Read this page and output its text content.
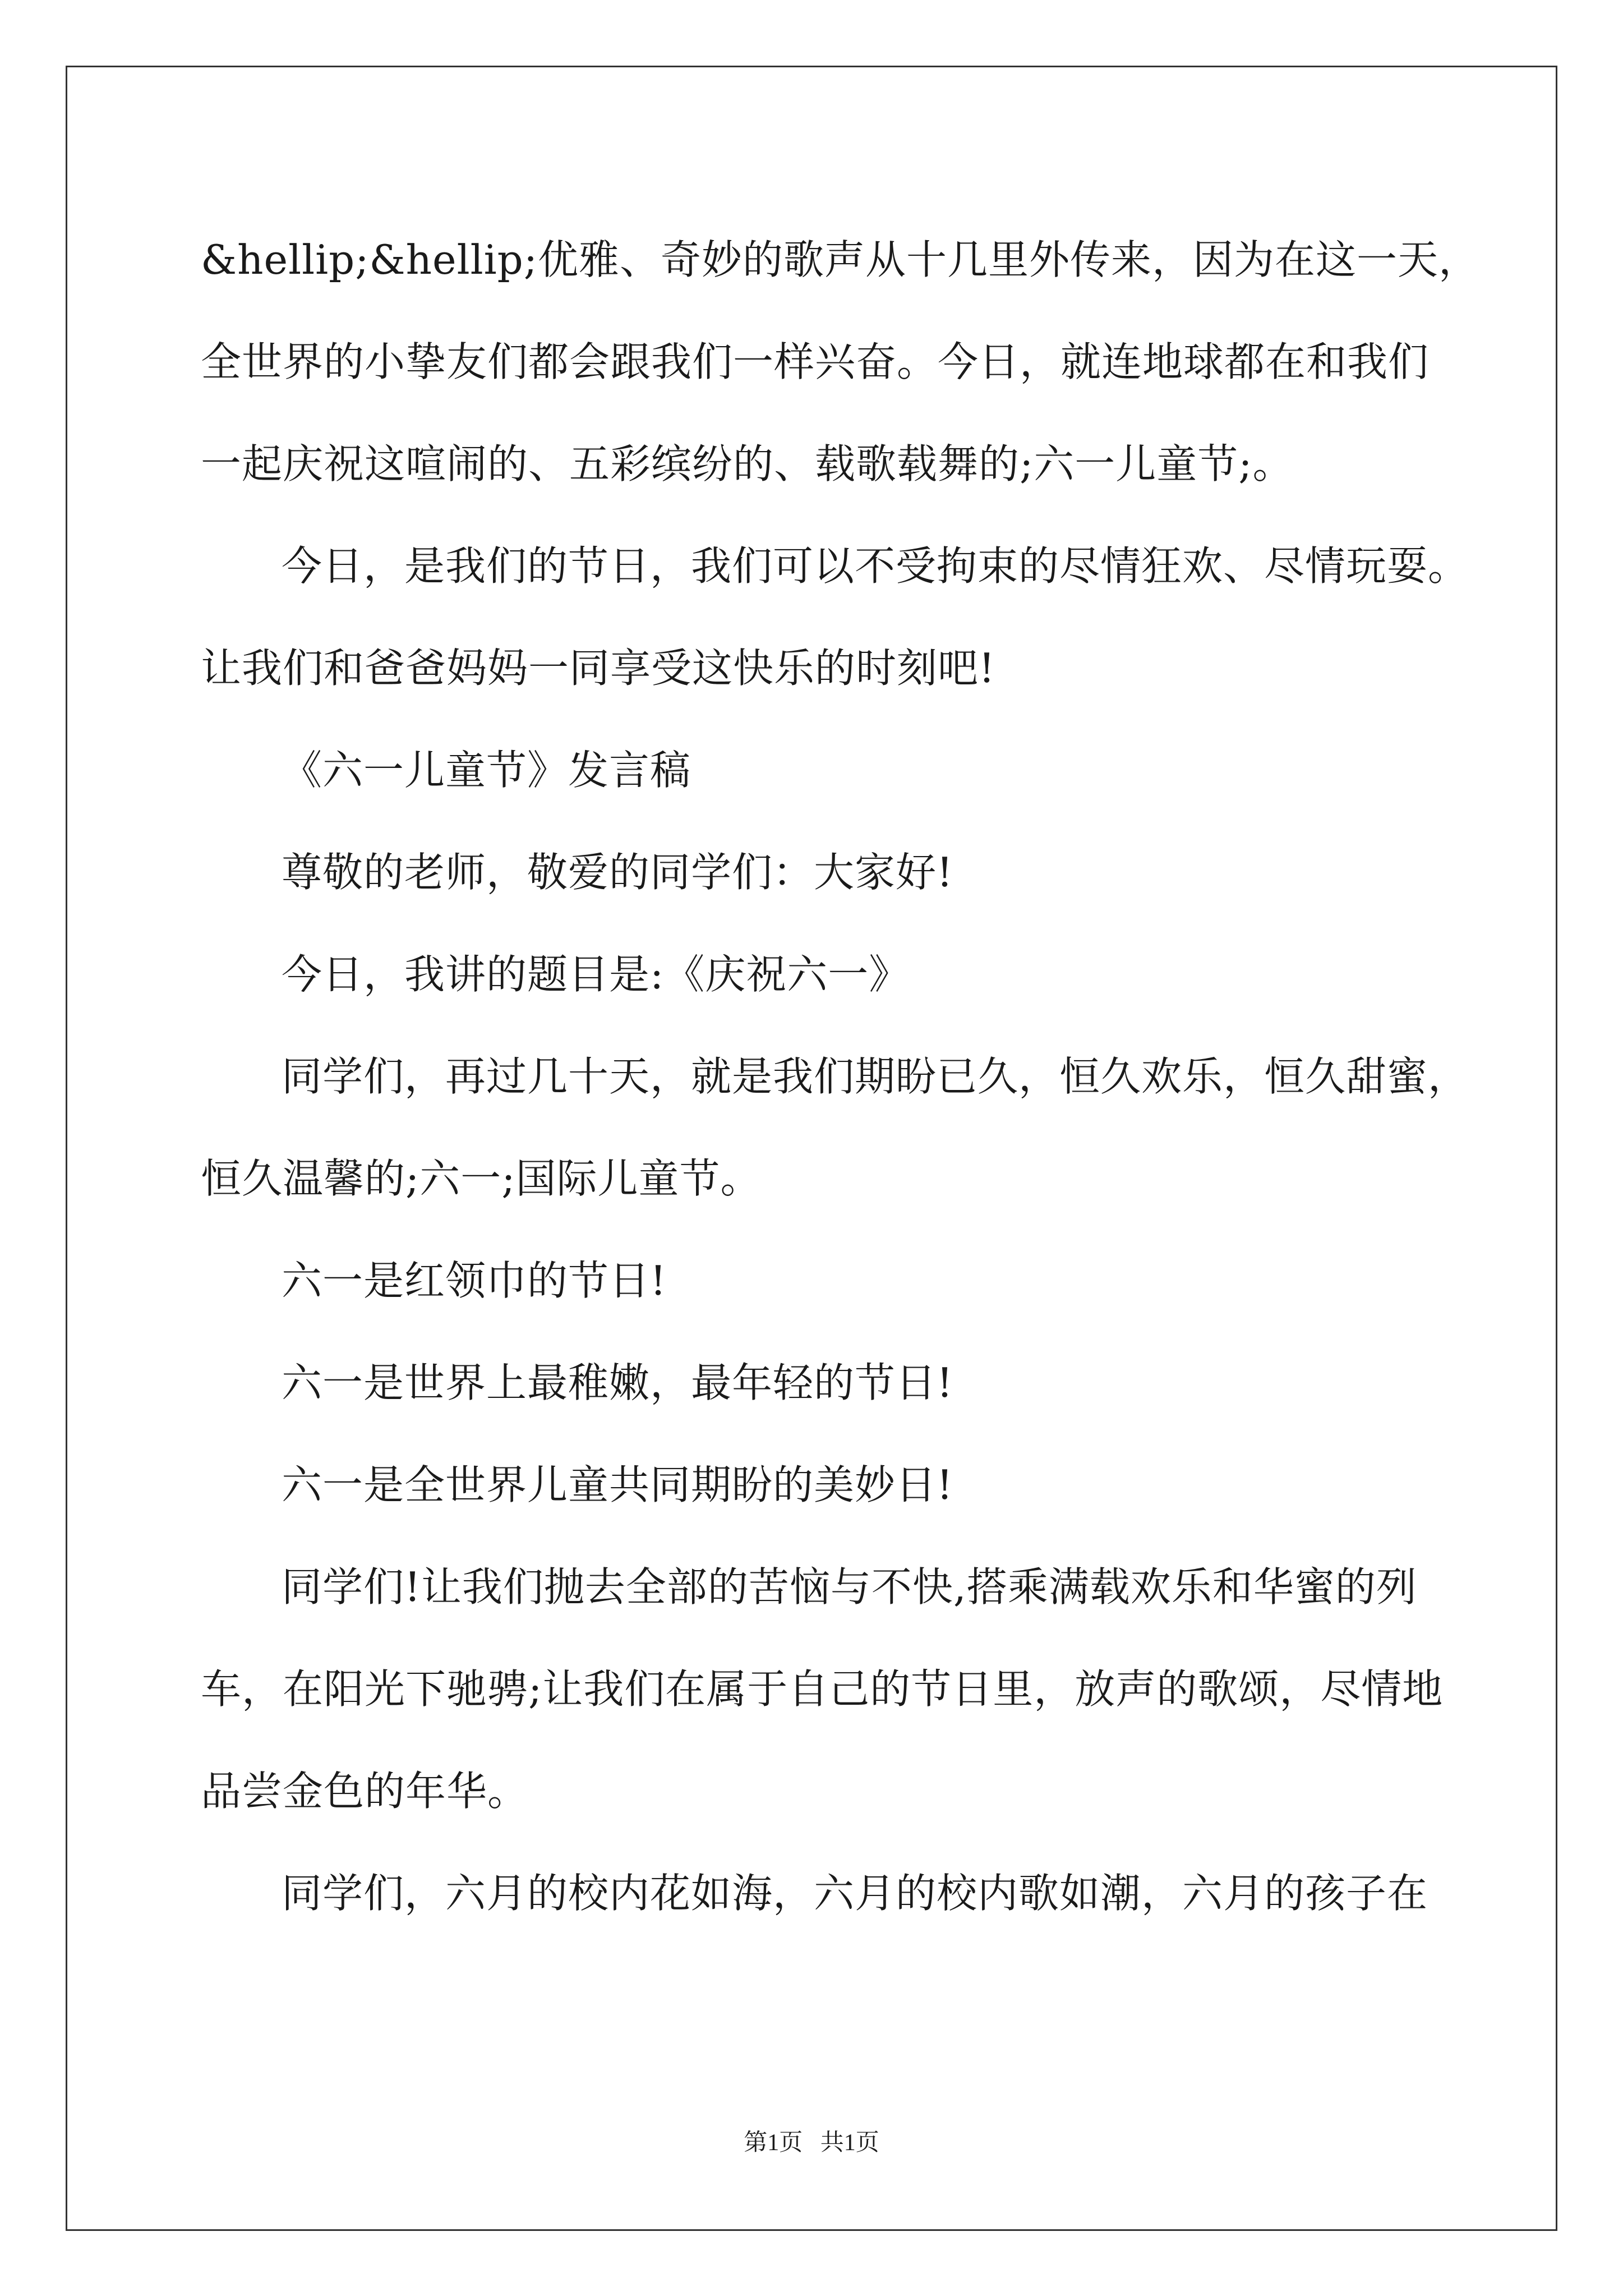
&hellip;&hellip;优雅、奇妙的歌声从十几里外传来，因为在这一天，
全世界的小挚友们都会跟我们一样兴奋。今日，就连地球都在和我们
一起庆祝这喧闹的、五彩缤纷的、载歌载舞的;六一儿童节;。
今日，是我们的节日，我们可以不受拘束的尽情狂欢、尽情玩耍。
让我们和爸爸妈妈一同享受这快乐的时刻吧!
《六一儿童节》发言稿
尊敬的老师，敬爱的同学们：大家好!
今日，我讲的题目是:《庆祝六一》
同学们，再过几十天，就是我们期盼已久，恒久欢乐，恒久甜蜜，
恒久温馨的;六一;国际儿童节。
六一是红领巾的节日!
六一是世界上最稚嫩，最年轻的节日!
六一是全世界儿童共同期盼的美妙日!
同学们!让我们抛去全部的苦恼与不快,搭乘满载欢乐和华蜜的列
车，在阳光下驰骋;让我们在属于自己的节日里，放声的歌颂，尽情地
品尝金色的年华。
同学们，六月的校内花如海，六月的校内歌如潮，六月的孩子在
第1页   共1页
